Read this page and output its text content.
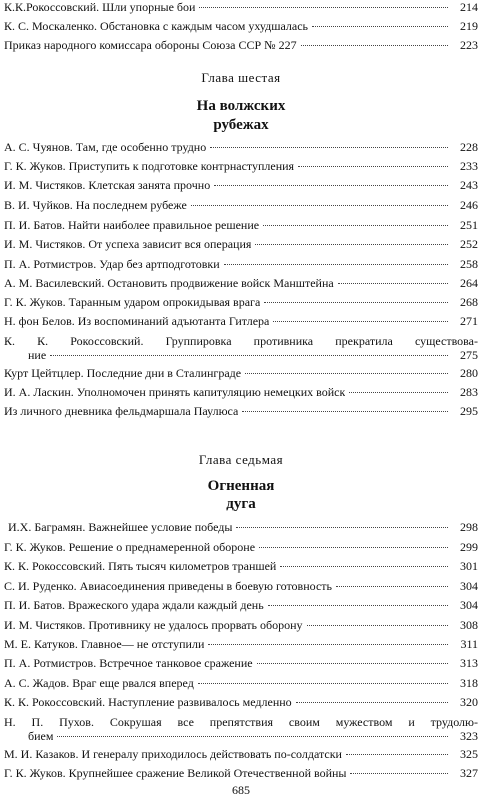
К.К.Рокоссовский. Шли упорные бои	214
К. С. Москаленко. Обстановка с каждым часом ухудшалась	219
Приказ народного комиссара обороны Союза ССР № 227	223
Глава шестая
На волжских
рубежах
А. С. Чуянов. Там, где особенно трудно	228
Г. К. Жуков. Приступить к подготовке контрнаступления	233
И. М. Чистяков. Клетская занята прочно	243
В. И. Чуйков. На последнем рубеже	246
П. И. Батов. Найти наиболее правильное решение	251
И. М. Чистяков. От успеха зависит вся операция	252
П. А. Ротмистров. Удар без артподготовки	258
А. М. Василевский. Остановить продвижение войск Манштейна	264
Г. К. Жуков. Таранным ударом опрокидывая врага	268
Н. фон Белов. Из воспоминаний адъютанта Гитлера	271
К. К. Рокоссовский. Группировка противника прекратила существова-
ние	275
Курт Цейтцлер. Последние дни в Сталинграде	280
И. А. Ласкин. Уполномочен принять капитуляцию немецких войск	283
Из личного дневника фельдмаршала Паулюса	295
Глава седьмая
Огненная
дуга
И.Х. Баграмян. Важнейшее условие победы	298
Г. К. Жуков. Решение о преднамеренной обороне	299
К. К. Рокоссовский. Пять тысяч километров траншей	301
С. И. Руденко. Авиасоединения приведены в боевую готовность	304
П. И. Батов. Вражеского удара ждали каждый день	304
И. М. Чистяков. Противнику не удалось прорвать оборону	308
М. Е. Катуков. Главное— не отступили	311
П. А. Ротмистров. Встречное танковое сражение	313
А. С. Жадов. Враг еще рвался вперед	318
К. К. Рокоссовский. Наступление развивалось медленно	320
Н. П. Пухов. Сокрушая все препятствия своим мужеством и трудолю-
бием	323
М. И. Казаков. И генералу приходилось действовать по-солдатски	325
Г. К. Жуков. Крупнейшее сражение Великой Отечественной войны	327
685
